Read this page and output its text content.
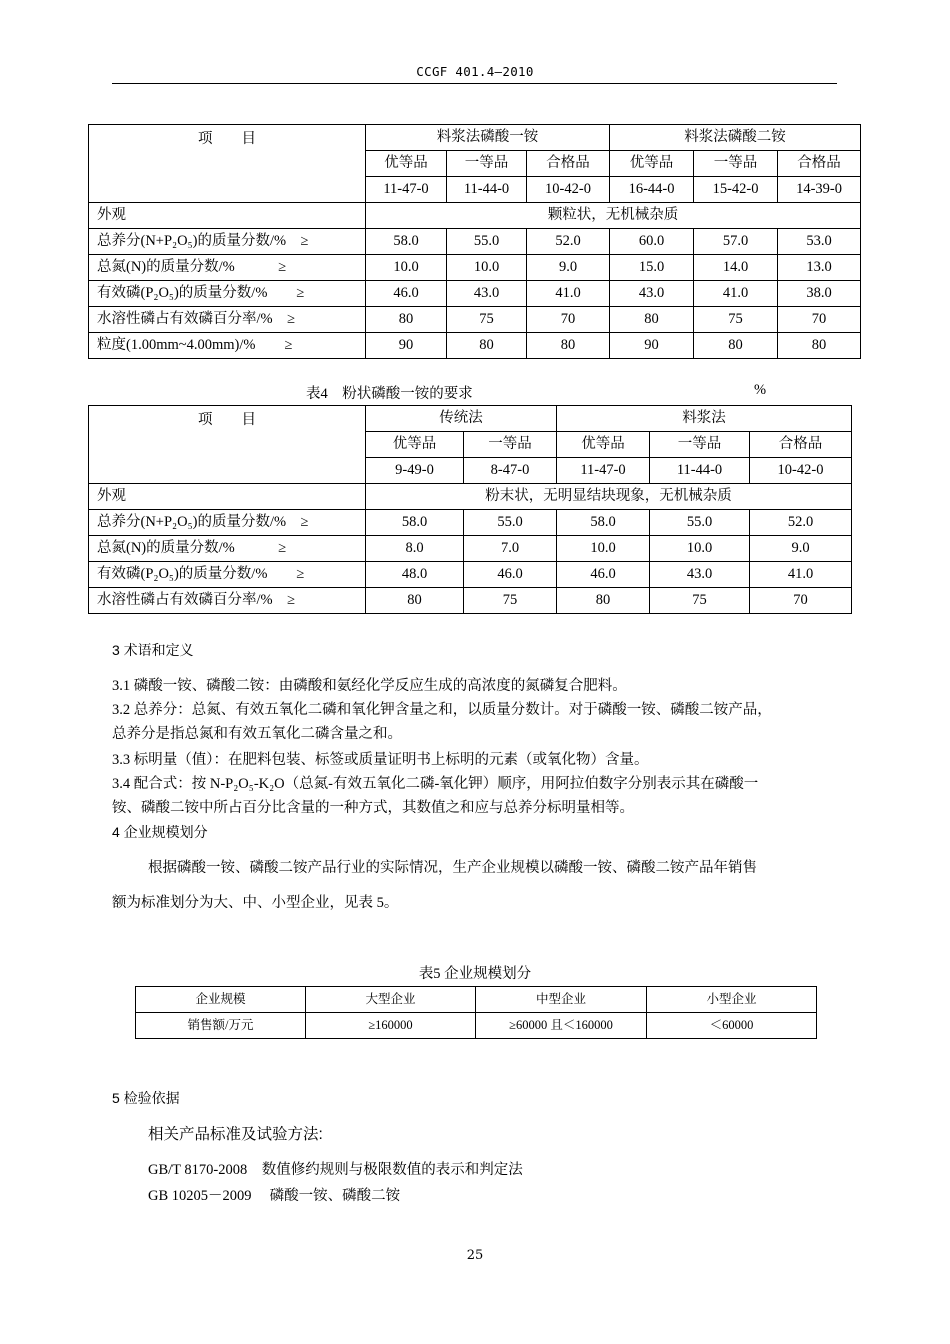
CCGF 401.4—2010
项　　目	料浆法磷酸一铵			料浆法磷酸二铵		
	优等品	一等品	合格品	优等品	一等品	合格品
	11-47-0	11-44-0	10-42-0	16-44-0	15-42-0	14-39-0
外观	颗粒状，无机械杂质					
总养分(N+P₂O₅)的质量分数/%　≥	58.0	55.0	52.0	60.0	57.0	53.0
总氮(N)的质量分数/%　　　≥	10.0	10.0	9.0	15.0	14.0	13.0
有效磷(P₂O₅)的质量分数/%　　≥	46.0	43.0	41.0	43.0	41.0	38.0
水溶性磷占有效磷百分率/%　≥	80	75	70	80	75	70
粒度(1.00mm~4.00mm)/%　　≥	90	80	80	90	80	80
表4　粉状磷酸一铵的要求	%
项　　目	传统法		料浆法		
	优等品	一等品	优等品	一等品	合格品
	9-49-0	8-47-0	11-47-0	11-44-0	10-42-0
外观	粉末状，无明显结块现象，无机械杂质				
总养分(N+P₂O₅)的质量分数/%　≥	58.0	55.0	58.0	55.0	52.0
总氮(N)的质量分数/%　　　≥	8.0	7.0	10.0	10.0	9.0
有效磷(P₂O₅)的质量分数/%　　≥	48.0	46.0	46.0	43.0	41.0
水溶性磷占有效磷百分率/%　≥	80	75	80	75	70
3 术语和定义
3.1 磷酸一铵、磷酸二铵：由磷酸和氨经化学反应生成的高浓度的氮磷复合肥料。
3.2 总养分：总氮、有效五氧化二磷和氧化钾含量之和，以质量分数计。对于磷酸一铵、磷酸二铵产品，
总养分是指总氮和有效五氧化二磷含量之和。
3.3 标明量（值）：在肥料包装、标签或质量证明书上标明的元素（或氧化物）含量。
3.4 配合式：按 N-P₂O₅-K₂O（总氮-有效五氧化二磷-氧化钾）顺序，用阿拉伯数字分别表示其在磷酸一
铵、磷酸二铵中所占百分比含量的一种方式，其数值之和应与总养分标明量相等。
4 企业规模划分
根据磷酸一铵、磷酸二铵产品行业的实际情况，生产企业规模以磷酸一铵、磷酸二铵产品年销售
额为标准划分为大、中、小型企业，见表 5。
表5 企业规模划分
企业规模	大型企业	中型企业	小型企业
销售额/万元	≥160000	≥60000 且＜160000	＜60000
5 检验依据
相关产品标准及试验方法:
GB/T 8170-2008　数值修约规则与极限数值的表示和判定法
GB 10205－2009　 磷酸一铵、磷酸二铵
25
